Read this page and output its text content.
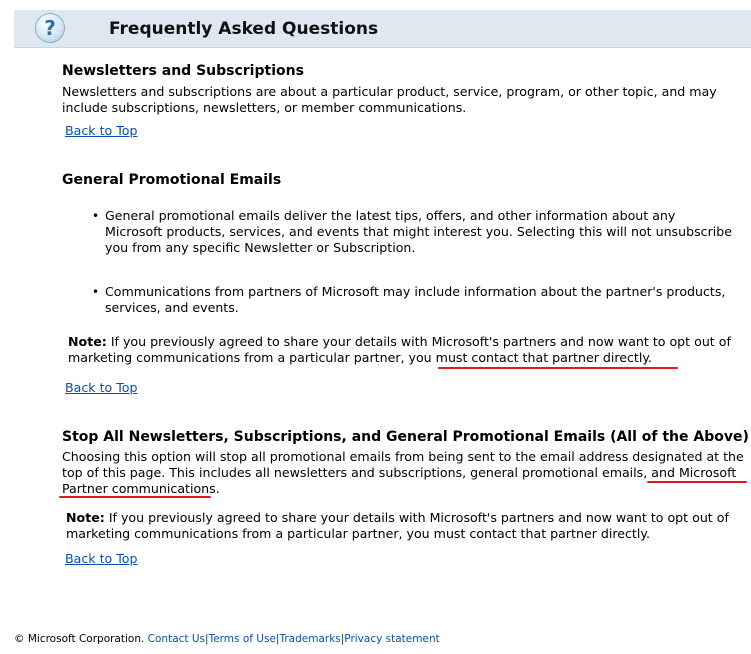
?	Frequently Asked Questions
Newsletters and Subscriptions
Newsletters and subscriptions are about a particular product, service, program, or other topic, and may include subscriptions, newsletters, or member communications.
Back to Top
General Promotional Emails
• General promotional emails deliver the latest tips, offers, and other information about any Microsoft products, services, and events that might interest you. Selecting this will not unsubscribe you from any specific Newsletter or Subscription.
• Communications from partners of Microsoft may include information about the partner's products, services, and events.
Note: If you previously agreed to share your details with Microsoft's partners and now want to opt out of marketing communications from a particular partner, you must contact that partner directly.
Back to Top
Stop All Newsletters, Subscriptions, and General Promotional Emails (All of the Above)
Choosing this option will stop all promotional emails from being sent to the email address designated at the top of this page. This includes all newsletters and subscriptions, general promotional emails, and Microsoft Partner communications.
Note: If you previously agreed to share your details with Microsoft's partners and now want to opt out of marketing communications from a particular partner, you must contact that partner directly.
Back to Top
© Microsoft Corporation. Contact Us|Terms of Use|Trademarks|Privacy statement
